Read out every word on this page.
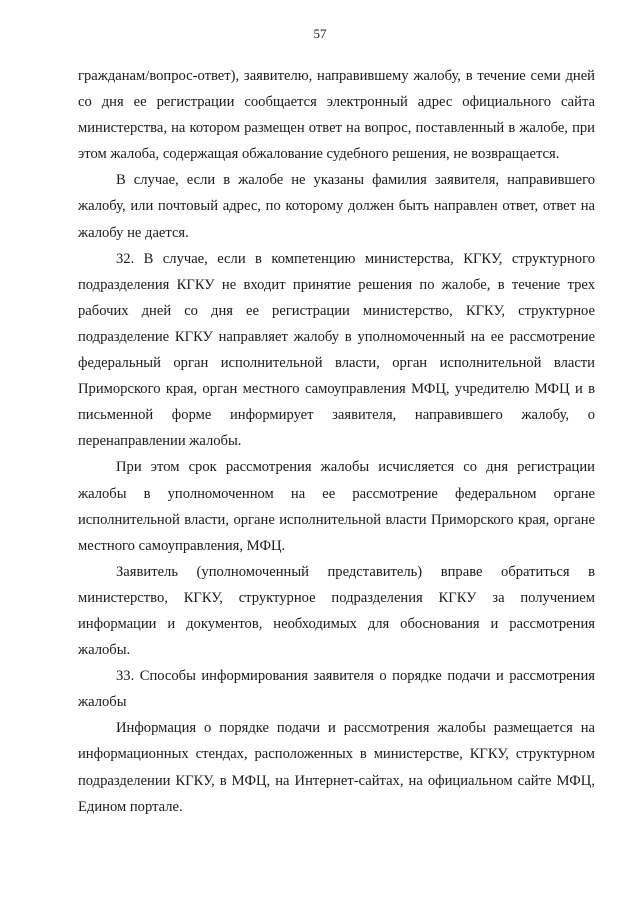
57

гражданам/вопрос-ответ), заявителю, направившему жалобу, в течение семи дней со дня ее регистрации сообщается электронный адрес официального сайта министерства, на котором размещен ответ на вопрос, поставленный в жалобе, при этом жалоба, содержащая обжалование судебного решения, не возвращается.

В случае, если в жалобе не указаны фамилия заявителя, направившего жалобу, или почтовый адрес, по которому должен быть направлен ответ, ответ на жалобу не дается.

32. В случае, если в компетенцию министерства, КГКУ, структурного подразделения КГКУ не входит принятие решения по жалобе, в течение трех рабочих дней со дня ее регистрации министерство, КГКУ, структурное подразделение КГКУ направляет жалобу в уполномоченный на ее рассмотрение федеральный орган исполнительной власти, орган исполнительной власти Приморского края, орган местного самоуправления МФЦ, учредителю МФЦ и в письменной форме информирует заявителя, направившего жалобу, о перенаправлении жалобы.

При этом срок рассмотрения жалобы исчисляется со дня регистрации жалобы в уполномоченном на ее рассмотрение федеральном органе исполнительной власти, органе исполнительной власти Приморского края, органе местного самоуправления, МФЦ.

Заявитель (уполномоченный представитель) вправе обратиться в министерство, КГКУ, структурное подразделения КГКУ за получением информации и документов, необходимых для обоснования и рассмотрения жалобы.

33. Способы информирования заявителя о порядке подачи и рассмотрения жалобы

Информация о порядке подачи и рассмотрения жалобы размещается на информационных стендах, расположенных в министерстве, КГКУ, структурном подразделении КГКУ, в МФЦ, на Интернет-сайтах, на официальном сайте МФЦ, Едином портале.
